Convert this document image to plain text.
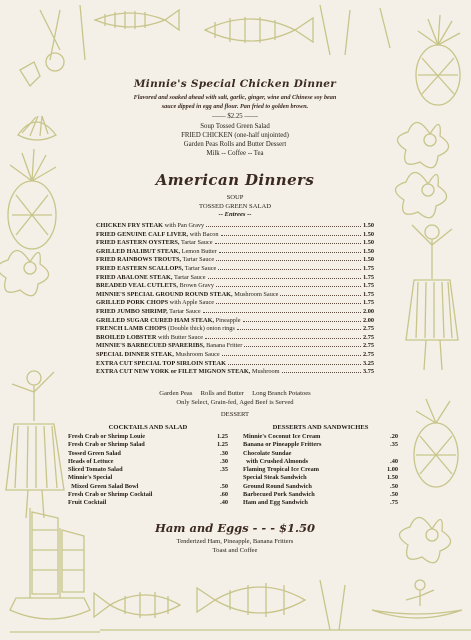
Minnie's Special Chicken Dinner
Flavored and soaked ahead with salt, garlic, ginger, wine and Chinese soy bean
sauce dipped in egg and flour. Pan fried to golden brown.
—— $2.25 ——
Soup Tossed Green Salad
FRIED CHICKEN (one-half unjointed)
Garden Peas Rolls and Butter Dessert
Milk -- Coffee -- Tea
American Dinners
SOUP
TOSSED GREEN SALAD
-- Entrees --
CHICKEN FRY STEAK with Pan Gravy	1.50
FRIED GENUINE CALF LIVER, with Bacon	1.50
FRIED EASTERN OYSTERS, Tartar Sauce	1.50
GRILLED HALIBUT STEAK, Lemon Butter	1.50
FRIED RAINBOWS TROUTS, Tartar Sauce	1.50
FRIED EASTERN SCALLOPS, Tartar Sauce	1.75
FRIED ABALONE STEAK, Tartar Sauce	1.75
BREADED VEAL CUTLETS, Brown Gravy	1.75
MINNIE'S SPECIAL GROUND ROUND STEAK, Mushroom Sauce	1.75
GRILLED PORK CHOPS with Apple Sauce	1.75
FRIED JUMBO SHRIMP, Tartar Sauce	2.00
GRILLED SUGAR CURED HAM STEAK, Pineapple	2.00
FRENCH LAMB CHOPS (Double thick) onion rings	2.75
BROILED LOBSTER with Butter Sauce	2.75
MINNIE'S BARBECUED SPARERIBS, Banana Fritter	2.75
SPECIAL DINNER STEAK, Mushroom Sauce	2.75
EXTRA CUT SPECIAL TOP SIRLOIN STEAK	3.25
EXTRA CUT NEW YORK or FILET MIGNON STEAK, Mushroom	3.75
Garden Peas     Rolls and Butter     Long Branch Potatoes
Only Select, Grain-fed, Aged Beef is Served
DESSERT
COCKTAILS AND SALAD
Fresh Crab or Shrimp Louie	1.25
Fresh Crab or Shrimp Salad	1.25
Tossed Green Salad	.30
Heads of Lettuce	.30
Sliced Tomato Salad	.35
Minnie's Special
Mixed Green Salad Bowl	.50
Fresh Crab or Shrimp Cocktail	.60
Fruit Cocktail	.40
DESSERTS AND SANDWICHES
Minnie's Coconut Ice Cream	.20
Banana or Pineapple Fritters	.35
Chocolate Sundae
with Crushed Almonds	.40
Flaming Tropical Ice Cream	1.00
Special Steak Sandwich	1.50
Ground Round Sandwich	.50
Barbecued Pork Sandwich	.50
Ham and Egg Sandwich	.75
Ham and Eggs - - - $1.50
Tenderized Ham, Pineapple, Banana Fritters
Toast and Coffee
